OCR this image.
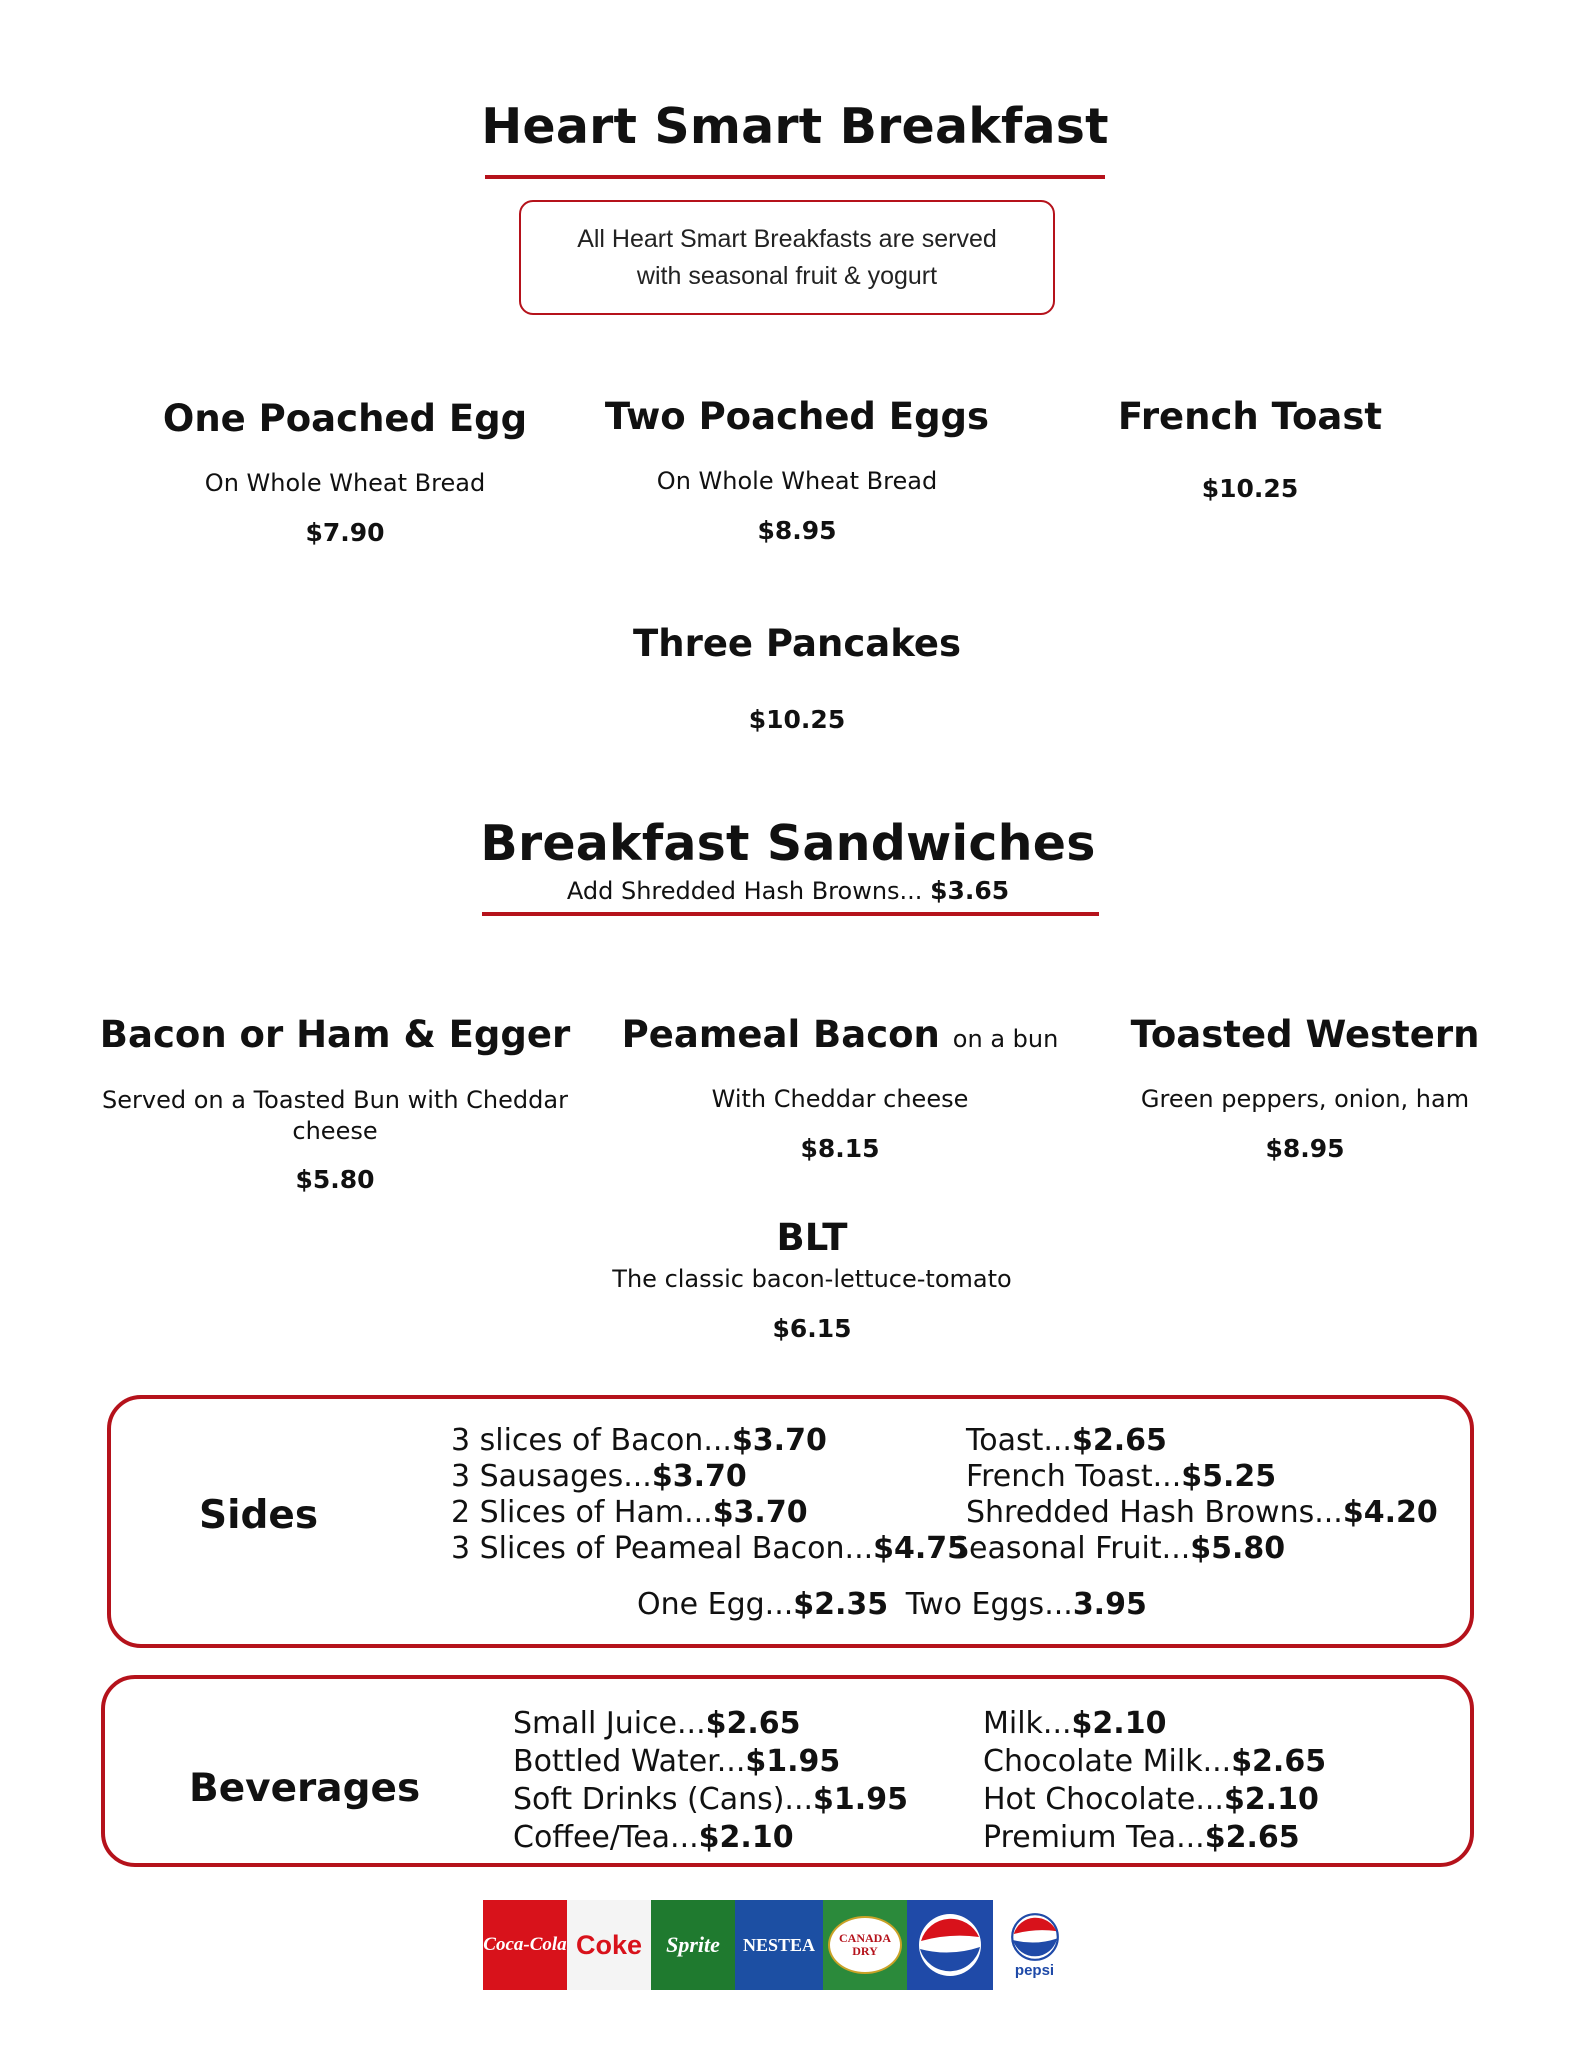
Heart Smart Breakfast
All Heart Smart Breakfasts are served
with seasonal fruit & yogurt
One Poached Egg
On Whole Wheat Bread
$7.90
Two Poached Eggs
On Whole Wheat Bread
$8.95
French Toast
$10.25
Three Pancakes
$10.25
Breakfast Sandwiches
Add Shredded Hash Browns... $3.65
Bacon or Ham & Egger
Served on a Toasted Bun with Cheddar
cheese
$5.80
Peameal Bacon on a bun
With Cheddar cheese
$8.15
Toasted Western
Green peppers, onion, ham
$8.95
BLT
The classic bacon-lettuce-tomato
$6.15
Sides
3 slices of Bacon...$3.70
3 Sausages...$3.70
2 Slices of Ham...$3.70
3 Slices of Peameal Bacon...$4.75
Toast...$2.65
French Toast...$5.25
Shredded Hash Browns...$4.20
Seasonal Fruit...$5.80
One Egg...$2.35 Two Eggs...3.95
Beverages
Small Juice...$2.65
Bottled Water...$1.95
Soft Drinks (Cans)...$1.95
Coffee/Tea...$2.10
Milk...$2.10
Chocolate Milk...$2.65
Hot Chocolate...$2.10
Premium Tea...$2.65
Coca-Cola Coke	Sprite	NESTEA	CANADA DRY
pepsi
